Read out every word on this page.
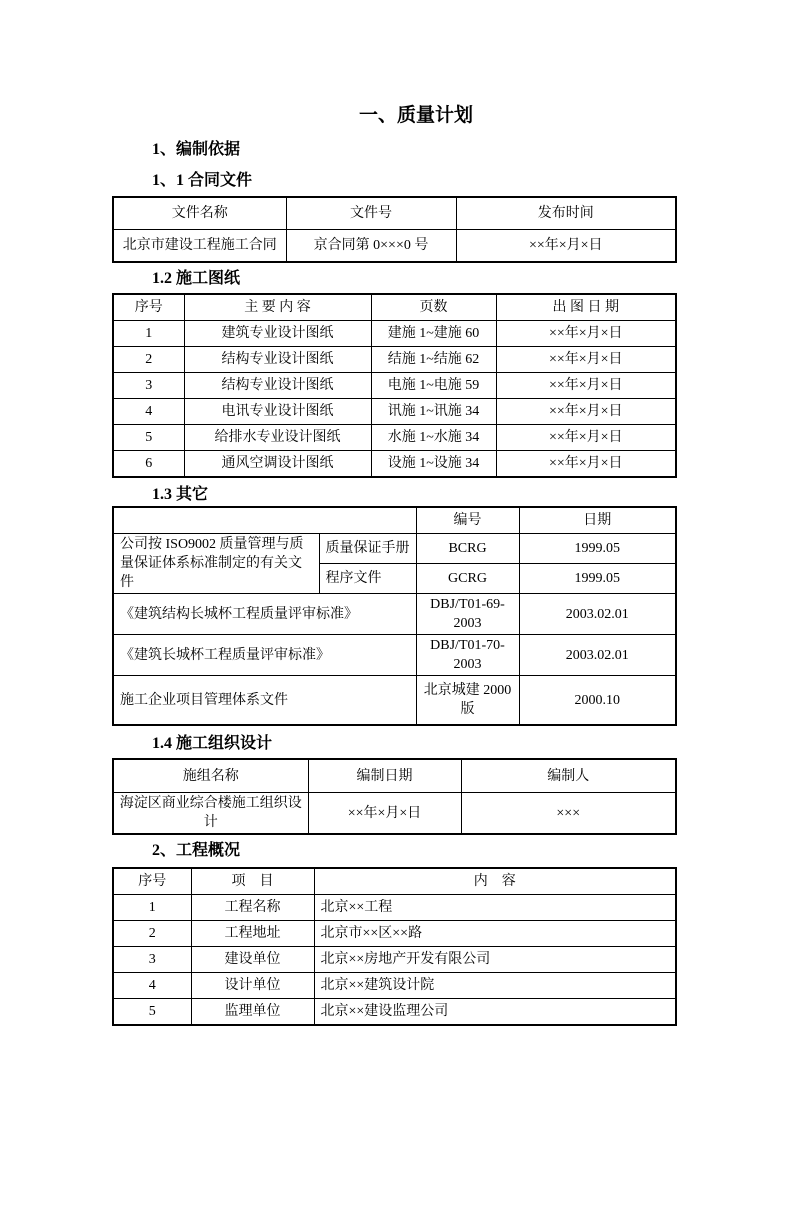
一、质量计划
1、编制依据
1、1 合同文件
文件名称	文件号	发布时间
北京市建设工程施工合同	京合同第 0×××0 号	××年×月×日
1.2 施工图纸
序号	主 要 内 容	页数	出 图 日 期
1	建筑专业设计图纸	建施 1~建施 60	××年×月×日
2	结构专业设计图纸	结施 1~结施 62	××年×月×日
3	结构专业设计图纸	电施 1~电施 59	××年×月×日
4	电讯专业设计图纸	讯施 1~讯施 34	××年×月×日
5	给排水专业设计图纸	水施 1~水施 34	××年×月×日
6	通风空调设计图纸	设施 1~设施 34	××年×月×日
1.3 其它
		编号	日期
公司按 ISO9002 质量管理与质量保证体系标准制定的有关文件	质量保证手册	BCRG	1999.05
	程序文件	GCRG	1999.05
《建筑结构长城杯工程质量评审标准》		DBJ/T01-69-2003	2003.02.01
《建筑长城杯工程质量评审标准》		DBJ/T01-70-2003	2003.02.01
施工企业项目管理体系文件		北京城建 2000 版	2000.10
1.4 施工组织设计
施组名称	编制日期	编制人
海淀区商业综合楼施工组织设计	××年×月×日	×××
2、工程概况
序号	项　目	内　容
1	工程名称	北京××工程
2	工程地址	北京市××区××路
3	建设单位	北京××房地产开发有限公司
4	设计单位	北京××建筑设计院
5	监理单位	北京××建设监理公司
